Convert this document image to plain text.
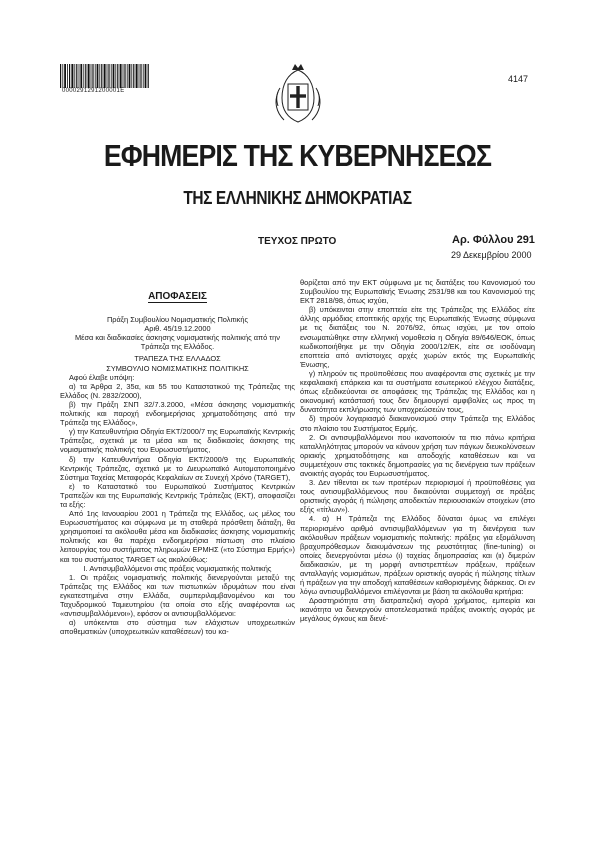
0000291291200001E
4147
ΕΦΗΜΕΡΙΣ ΤΗΣ ΚΥΒΕΡΝΗΣΕΩΣ
ΤΗΣ ΕΛΛΗΝΙΚΗΣ ΔΗΜΟΚΡΑΤΙΑΣ
ΤΕΥΧΟΣ ΠΡΩΤΟ	Αρ. Φύλλου 291
29 Δεκεμβρίου 2000
ΑΠΟΦΑΣΕΙΣ

Πράξη Συμβουλίου Νομισματικής Πολιτικής

Αριθ. 45/19.12.2000

Μέσα και διαδικασίες άσκησης νομισματικής πολιτικής από την Τράπεζα της Ελλάδος.

ΤΡΑΠΕΖΑ ΤΗΣ ΕΛΛΑΔΟΣ

ΣΥΜΒΟΥΛΙΟ ΝΟΜΙΣΜΑΤΙΚΗΣ ΠΟΛΙΤΙΚΗΣ

Αφού έλαβε υπόψη:

α) τα Άρθρα 2, 35α, και 55 του Καταστατικού της Τράπεζας της Ελλάδος (Ν. 2832/2000),

β) την Πράξη ΣΝΠ 32/7.3.2000, «Μέσα άσκησης νομισματικής πολιτικής και παροχή ενδοημερήσιας χρηματοδότησης από την Τράπεζα της Ελλάδος»,

γ) την Κατευθυντήρια Οδηγία ΕΚΤ/2000/7 της Ευρωπαϊκής Κεντρικής Τράπεζας, σχετικά με τα μέσα και τις διαδικασίες άσκησης της νομισματικής πολιτικής του Ευρωσυστήματος,

δ) την Κατευθυντήρια Οδηγία ΕΚΤ/2000/9 της Ευρωπαϊκής Κεντρικής Τράπεζας, σχετικά με το Διευρωπαϊκό Αυτοματοποιημένο Σύστημα Ταχείας Μεταφοράς Κεφαλαίων σε Συνεχή Χρόνο (TARGET),

ε) το Καταστατικό του Ευρωπαϊκού Συστήματος Κεντρικών Τραπεζών και της Ευρωπαϊκής Κεντρικής Τράπεζας (ΕΚΤ), αποφασίζει τα εξής:

Από 1ης Ιανουαρίου 2001 η Τράπεζα της Ελλάδος, ως μέλος του Ευρωσυστήματος και σύμφωνα με τη σταθερά πρόσθετη διάταξη, θα χρησιμοποιεί τα ακόλουθα μέσα και διαδικασίες άσκησης νομισματικής πολιτικής και θα παρέχει ενδοημερήσια πίστωση στο πλαίσιο λειτουργίας του συστήματος πληρωμών ΕΡΜΗΣ («το Σύστημα Ερμής») και του συστήματος TARGET ως ακολούθως:

Ι. Αντισυμβαλλόμενοι στις πράξεις νομισματικής πολιτικής

1. Οι πράξεις νομισματικής πολιτικής διενεργούνται μεταξύ της Τράπεζας της Ελλάδος και των πιστωτικών ιδρυμάτων που είναι εγκατεστημένα στην Ελλάδα, συμπεριλαμβανομένου και του Ταχυδρομικού Ταμιευτηρίου (τα οποία στο εξής αναφέρονται ως «αντισυμβαλλόμενοι»), εφόσον οι αντισυμβαλλόμενοι:

α) υπόκεινται στο σύστημα των ελάχιστων υποχρεωτικών αποθεματικών (υποχρεωτικών καταθέσεων) του κα-

θορίζεται από την ΕΚΤ σύμφωνα με τις διατάξεις του Κανονισμού του Συμβουλίου της Ευρωπαϊκής Ένωσης 2531/98 και του Κανονισμού της ΕΚΤ 2818/98, όπως ισχύει,

β) υπόκεινται στην εποπτεία είτε της Τράπεζας της Ελλάδος είτε άλλης αρμόδιας εποπτικής αρχής της Ευρωπαϊκής Ένωσης σύμφωνα με τις διατάξεις του Ν. 2076/92, όπως ισχύει, με τον οποίο ενσωματώθηκε στην ελληνική νομοθεσία η Οδηγία 89/646/ΕΟΚ, όπως κωδικοποιήθηκε με την Οδηγία 2000/12/ΕΚ, είτε σε ισοδύναμη εποπτεία από αντίστοιχες αρχές χωρών εκτός της Ευρωπαϊκής Ένωσης,

γ) πληρούν τις προϋποθέσεις που αναφέρονται στις σχετικές με την κεφαλαιακή επάρκεια και τα συστήματα εσωτερικού ελέγχου διατάξεις, όπως εξειδικεύονται σε αποφάσεις της Τράπεζας της Ελλάδος και η οικονομική κατάστασή τους δεν δημιουργεί αμφιβολίες ως προς τη δυνατότητα εκπλήρωσης των υποχρεώσεών τους,

δ) τηρούν λογαριασμό διακανονισμού στην Τράπεζα της Ελλάδος στο πλαίσιο του Συστήματος Ερμής.

2. Οι αντισυμβαλλόμενοι που ικανοποιούν τα πιο πάνω κριτήρια καταλληλότητας μπορούν να κάνουν χρήση των πάγιων διευκολύνσεων οριακής χρηματοδότησης και αποδοχής καταθέσεων και να συμμετέχουν στις τακτικές δημοπρασίες για τις διενέργεια των πράξεων ανοικτής αγοράς του Ευρωσυστήματος.

3. Δεν τίθενται εκ των προτέρων περιορισμοί ή προϋποθέσεις για τους αντισυμβαλλόμενους που δικαιούνται συμμετοχή σε πράξεις οριστικής αγοράς ή πώλησης αποδεκτών περιουσιακών στοιχείων (στο εξής «τίτλων»).

4. α) Η Τράπεζα της Ελλάδος δύναται όμως να επιλέγει περιορισμένο αριθμό αντισυμβαλλόμενων για τη διενέργεια των ακόλουθων πράξεων νομισματικής πολιτικής: πράξεις για εξομάλυνση βραχυπρόθεσμων διακυμάνσεων της ρευστότητας (fine-tuning) οι οποίες διενεργούνται μέσω (ι) ταχείας δημοπρασίας και (ιι) διμερών διαδικασιών, με τη μορφή αντιστρεπτέων πράξεων, πράξεων ανταλλαγής νομισμάτων, πράξεων οριστικής αγοράς ή πώλησης τίτλων ή πράξεων για την αποδοχή καταθέσεων καθορισμένης διάρκειας. Οι εν λόγω αντισυμβαλλόμενοι επιλέγονται με βάση τα ακόλουθα κριτήρια:

Δραστηριότητα στη διατραπεζική αγορά χρήματος, εμπειρία και ικανότητα να διενεργούν αποτελεσματικά πράξεις ανοικτής αγοράς με μεγάλους όγκους και διενέ-
